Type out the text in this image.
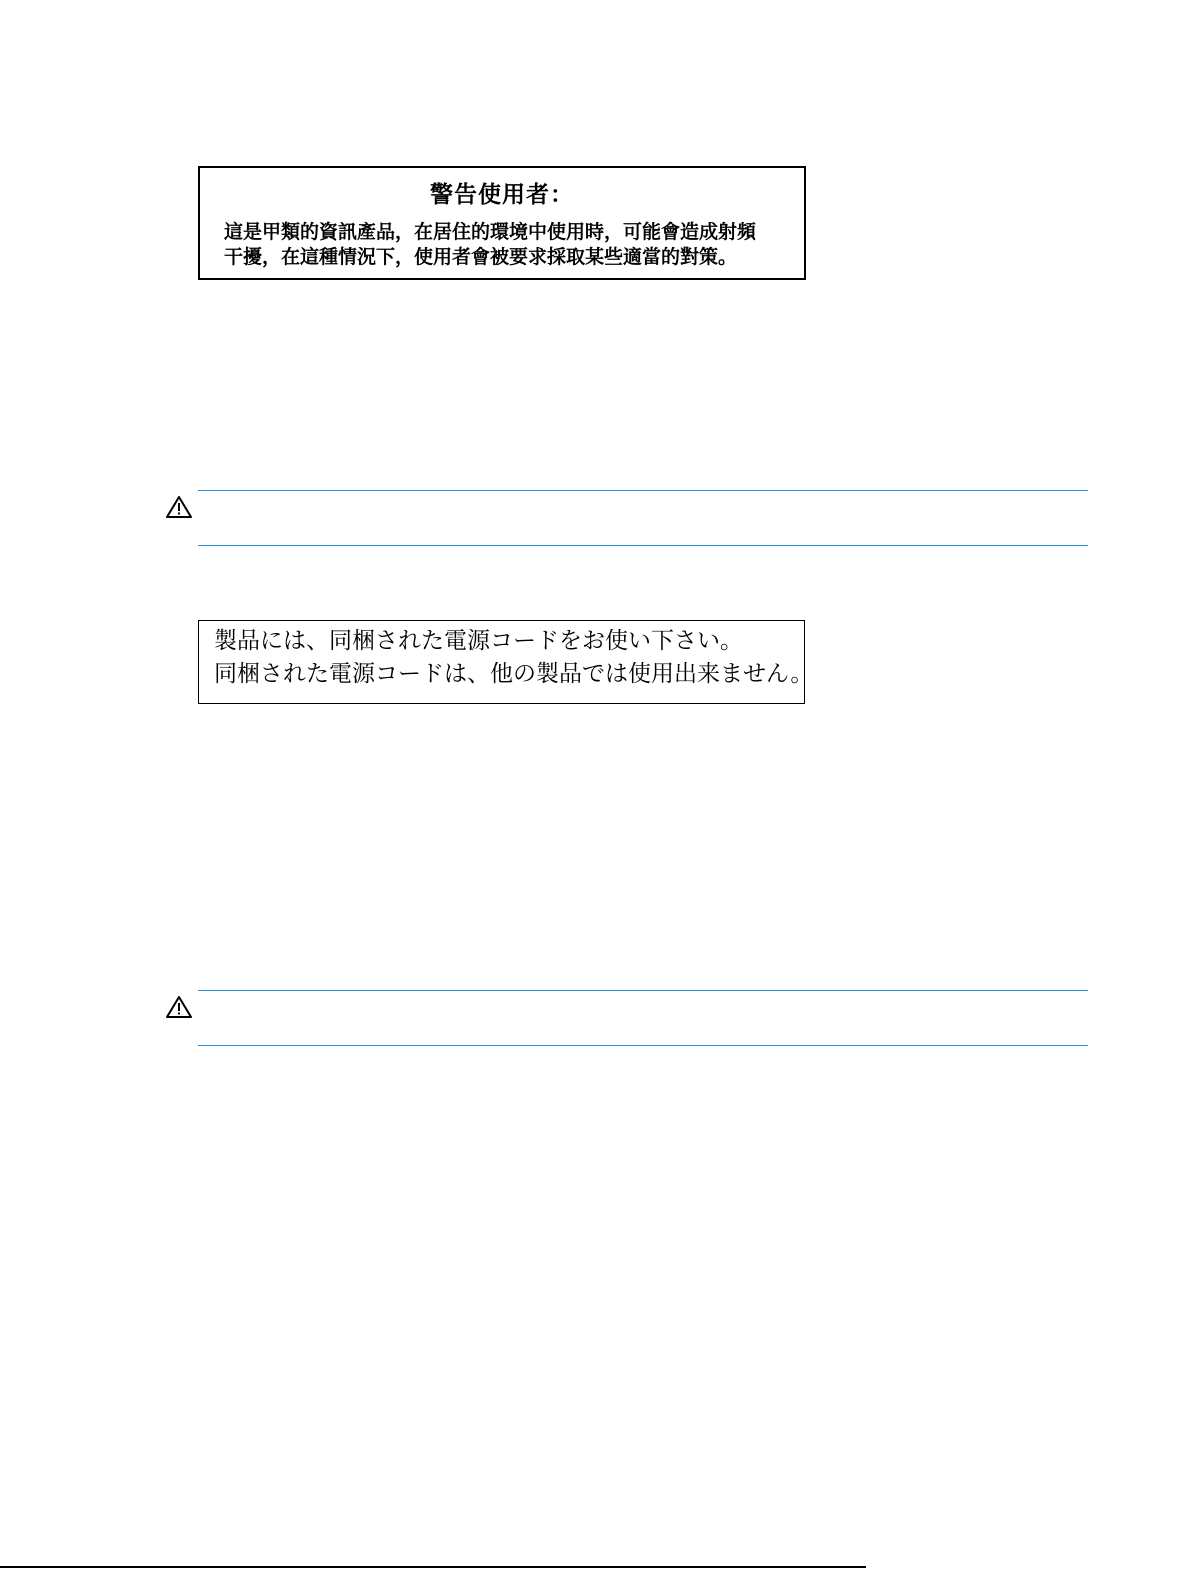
警告使用者：
這是甲類的資訊產品，在居住的環境中使用時，可能會造成射頻
干擾，在這種情況下，使用者會被要求採取某些適當的對策。
製品には、同梱された電源コードをお使い下さい。
同梱された電源コードは、他の製品では使用出来ません。
